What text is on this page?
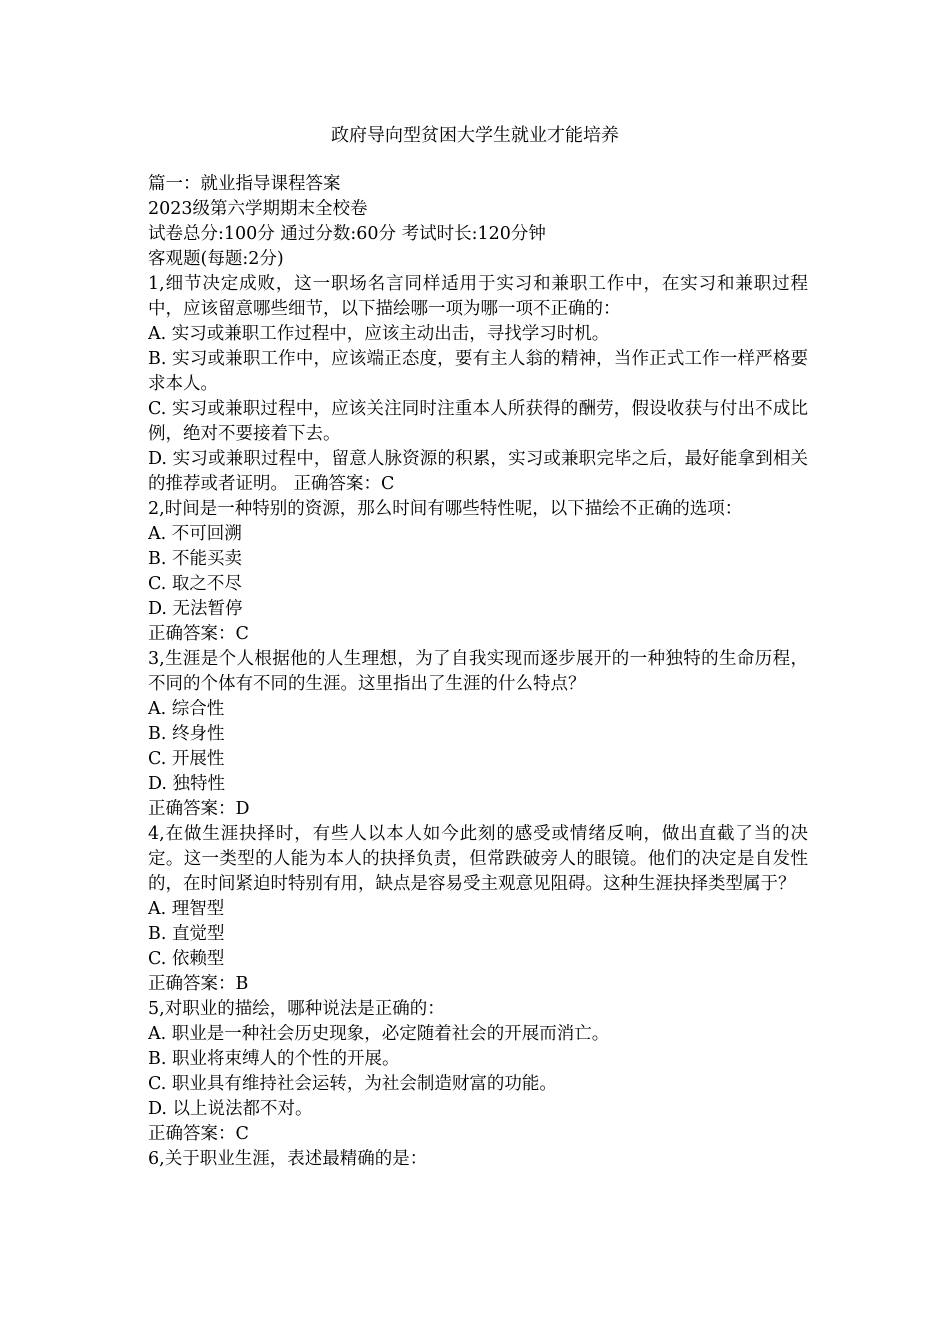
政府导向型贫困大学生就业才能培养

篇一：就业指导课程答案

2023级第六学期期末全校卷

试卷总分:100分 通过分数:60分 考试时长:120分钟

客观题(每题:2分)

1,细节决定成败，这一职场名言同样适用于实习和兼职工作中，在实习和兼职过程中，应该留意哪些细节，以下描绘哪一项为哪一项不正确的：

A. 实习或兼职工作过程中，应该主动出击，寻找学习时机。

B. 实习或兼职工作中，应该端正态度，要有主人翁的精神，当作正式工作一样严格要求本人。

C. 实习或兼职过程中，应该关注同时注重本人所获得的酬劳，假设收获与付出不成比例，绝对不要接着下去。

D. 实习或兼职过程中，留意人脉资源的积累，实习或兼职完毕之后，最好能拿到相关的推荐或者证明。 正确答案：C

2,时间是一种特别的资源，那么时间有哪些特性呢，以下描绘不正确的选项：

A. 不可回溯

B. 不能买卖

C. 取之不尽

D. 无法暂停

正确答案：C

3,生涯是个人根据他的人生理想，为了自我实现而逐步展开的一种独特的生命历程，不同的个体有不同的生涯。这里指出了生涯的什么特点？

A. 综合性

B. 终身性

C. 开展性

D. 独特性

正确答案：D

4,在做生涯抉择时，有些人以本人如今此刻的感受或情绪反响，做出直截了当的决定。这一类型的人能为本人的抉择负责，但常跌破旁人的眼镜。他们的决定是自发性的，在时间紧迫时特别有用，缺点是容易受主观意见阻碍。这种生涯抉择类型属于？

A. 理智型

B. 直觉型

C. 依赖型

正确答案：B

5,对职业的描绘，哪种说法是正确的：

A. 职业是一种社会历史现象，必定随着社会的开展而消亡。

B. 职业将束缚人的个性的开展。

C. 职业具有维持社会运转，为社会制造财富的功能。

D. 以上说法都不对。

正确答案：C

6,关于职业生涯，表述最精确的是：
